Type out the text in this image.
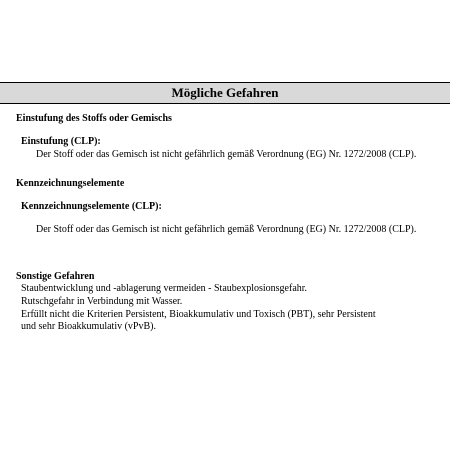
Mögliche Gefahren
Einstufung des Stoffs oder Gemischs
Einstufung (CLP):
Der Stoff oder das Gemisch ist nicht gefährlich gemäß Verordnung (EG) Nr. 1272/2008 (CLP).
Kennzeichnungselemente
Kennzeichnungselemente (CLP):
Der Stoff oder das Gemisch ist nicht gefährlich gemäß Verordnung (EG) Nr. 1272/2008 (CLP).
Sonstige Gefahren
Staubentwicklung und -ablagerung vermeiden - Staubexplosionsgefahr.
Rutschgefahr in Verbindung mit Wasser.
Erfüllt nicht die Kriterien Persistent, Bioakkumulativ und Toxisch (PBT), sehr Persistent
und sehr Bioakkumulativ (vPvB).
